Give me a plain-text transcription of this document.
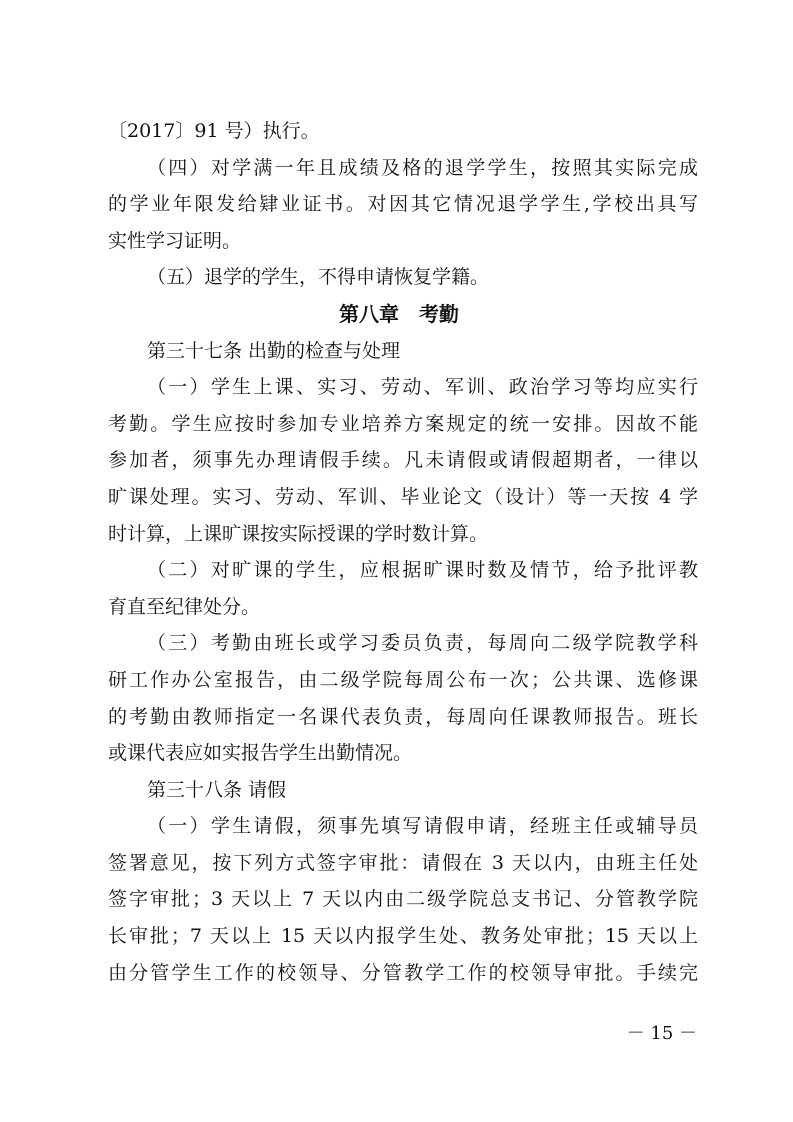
〔2017〕91 号）执行。
（四）对学满一年且成绩及格的退学学生，按照其实际完成
的学业年限发给肄业证书。对因其它情况退学学生,学校出具写
实性学习证明。
（五）退学的学生，不得申请恢复学籍。
第八章　考勤
第三十七条 出勤的检查与处理
（一）学生上课、实习、劳动、军训、政治学习等均应实行
考勤。学生应按时参加专业培养方案规定的统一安排。因故不能
参加者，须事先办理请假手续。凡未请假或请假超期者，一律以
旷课处理。实习、劳动、军训、毕业论文（设计）等一天按 4 学
时计算，上课旷课按实际授课的学时数计算。
（二）对旷课的学生，应根据旷课时数及情节，给予批评教
育直至纪律处分。
（三）考勤由班长或学习委员负责，每周向二级学院教学科
研工作办公室报告，由二级学院每周公布一次；公共课、选修课
的考勤由教师指定一名课代表负责，每周向任课教师报告。班长
或课代表应如实报告学生出勤情况。
第三十八条 请假
（一）学生请假，须事先填写请假申请，经班主任或辅导员
签署意见，按下列方式签字审批：请假在 3 天以内，由班主任处
签字审批；3 天以上 7 天以内由二级学院总支书记、分管教学院
长审批；7 天以上 15 天以内报学生处、教务处审批；15 天以上
由分管学生工作的校领导、分管教学工作的校领导审批。手续完
－ 15 －
